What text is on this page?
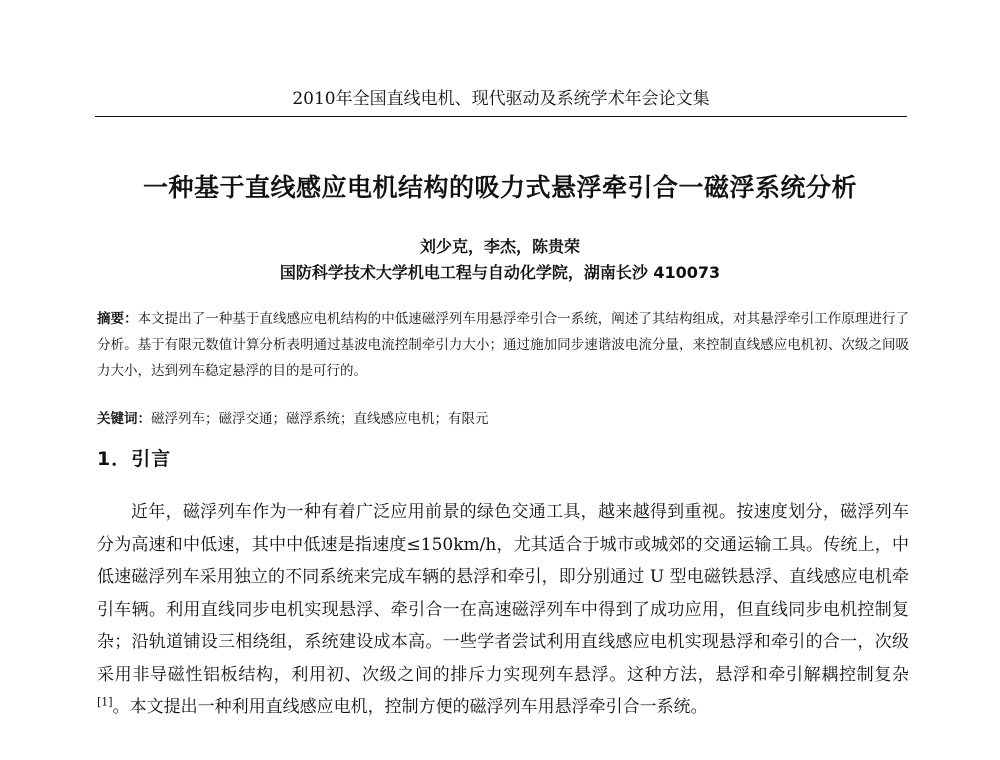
2010年全国直线电机、现代驱动及系统学术年会论文集
一种基于直线感应电机结构的吸力式悬浮牵引合一磁浮系统分析
刘少克，李杰，陈贵荣
国防科学技术大学机电工程与自动化学院，湖南长沙 410073
摘要：本文提出了一种基于直线感应电机结构的中低速磁浮列车用悬浮牵引合一系统，阐述了其结构组成，对其悬浮牵引工作原理进行了分析。基于有限元数值计算分析表明通过基波电流控制牵引力大小；通过施加同步速谐波电流分量，来控制直线感应电机初、次级之间吸力大小，达到列车稳定悬浮的目的是可行的。
关键词：磁浮列车；磁浮交通；磁浮系统；直线感应电机；有限元
1．引言
近年，磁浮列车作为一种有着广泛应用前景的绿色交通工具，越来越得到重视。按速度划分，磁浮列车分为高速和中低速，其中中低速是指速度≤150km/h，尤其适合于城市或城郊的交通运输工具。传统上，中低速磁浮列车采用独立的不同系统来完成车辆的悬浮和牵引，即分别通过 U 型电磁铁悬浮、直线感应电机牵引车辆。利用直线同步电机实现悬浮、牵引合一在高速磁浮列车中得到了成功应用，但直线同步电机控制复杂；沿轨道铺设三相绕组，系统建设成本高。一些学者尝试利用直线感应电机实现悬浮和牵引的合一，次级采用非导磁性铝板结构，利用初、次级之间的排斥力实现列车悬浮。这种方法，悬浮和牵引解耦控制复杂[1]。本文提出一种利用直线感应电机，控制方便的磁浮列车用悬浮牵引合一系统。
